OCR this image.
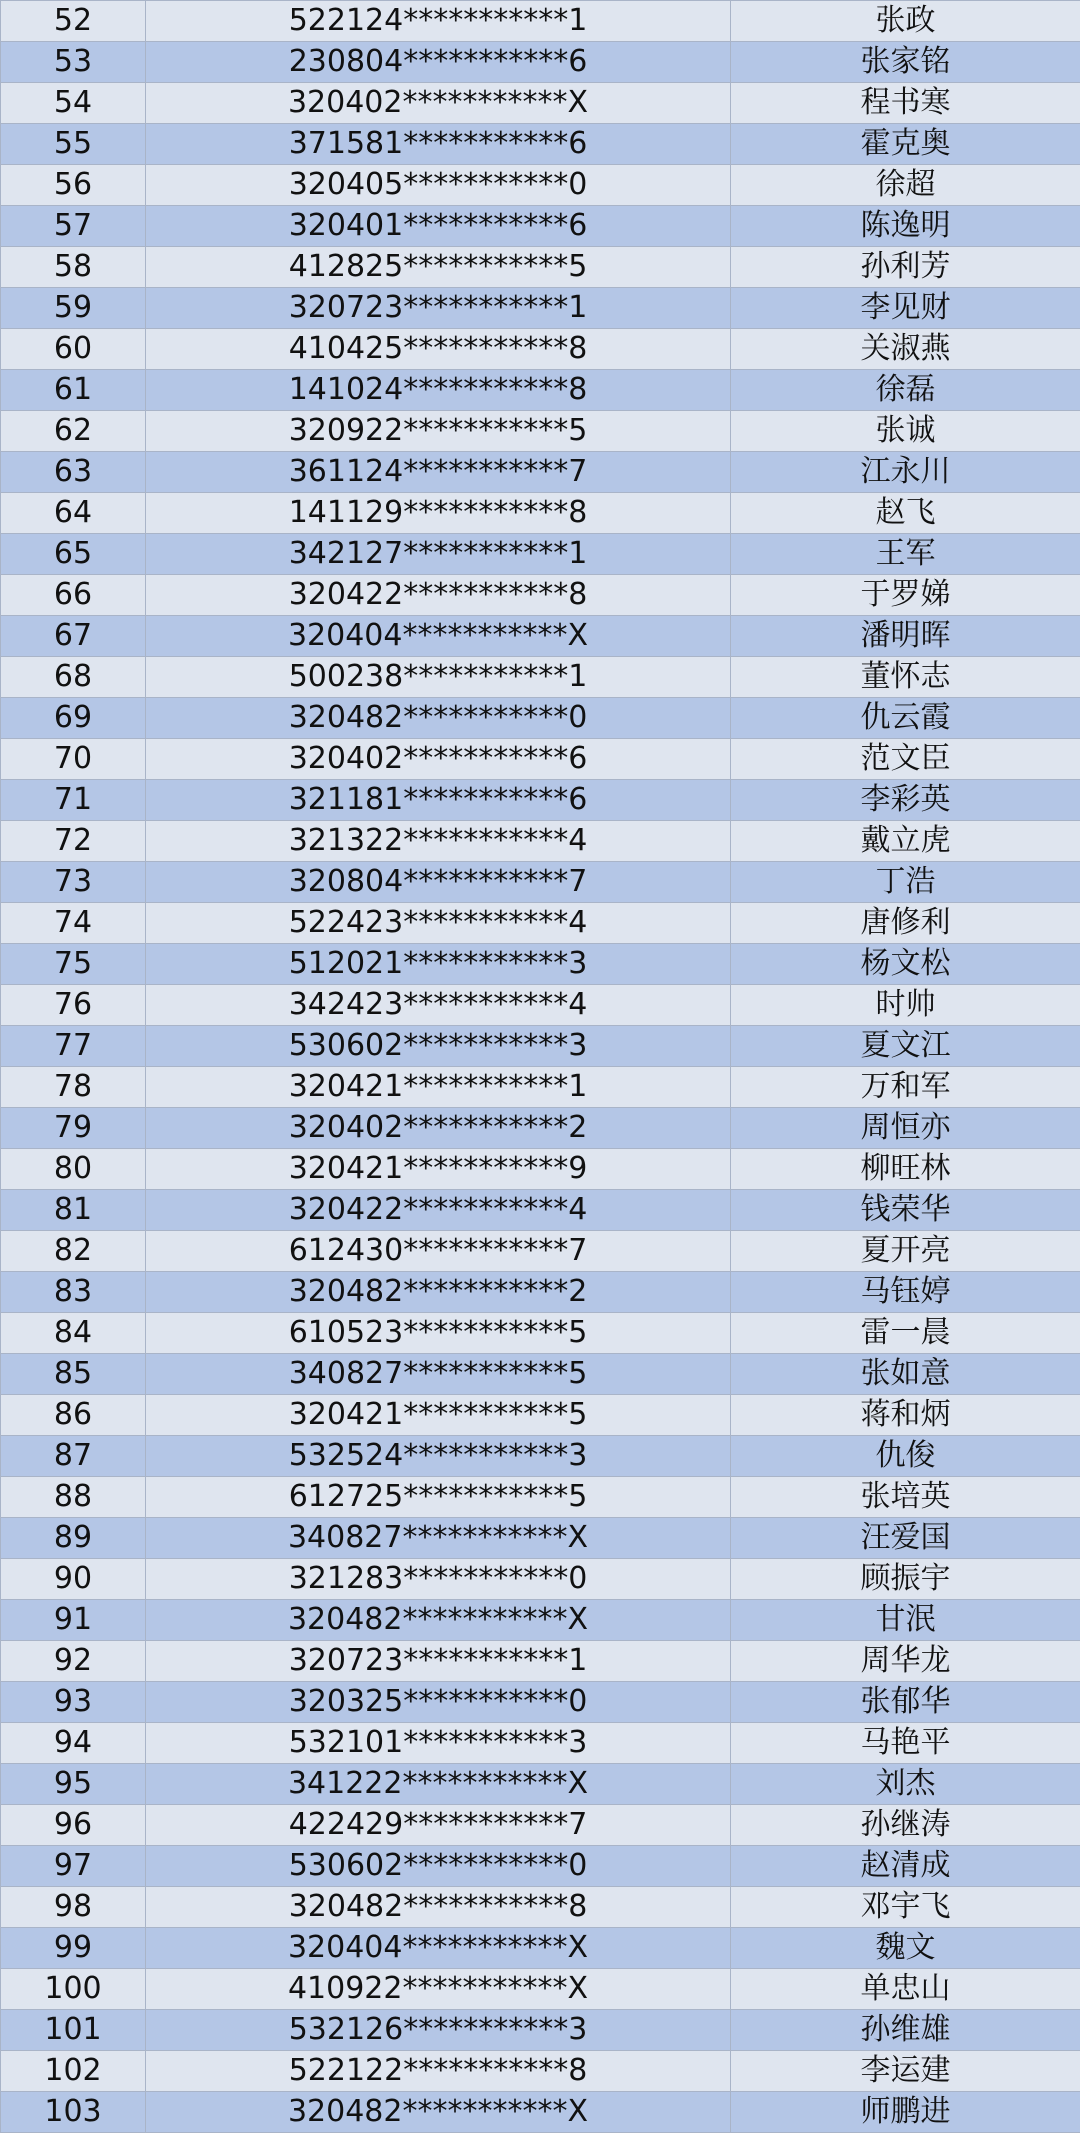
52	522124***********1	张政
53	230804***********6	张家铭
54	320402***********X	程书寒
55	371581***********6	霍克奥
56	320405***********0	徐超
57	320401***********6	陈逸明
58	412825***********5	孙利芳
59	320723***********1	李见财
60	410425***********8	关淑燕
61	141024***********8	徐磊
62	320922***********5	张诚
63	361124***********7	江永川
64	141129***********8	赵飞
65	342127***********1	王军
66	320422***********8	于罗娣
67	320404***********X	潘明晖
68	500238***********1	董怀志
69	320482***********0	仇云霞
70	320402***********6	范文臣
71	321181***********6	李彩英
72	321322***********4	戴立虎
73	320804***********7	丁浩
74	522423***********4	唐修利
75	512021***********3	杨文松
76	342423***********4	时帅
77	530602***********3	夏文江
78	320421***********1	万和军
79	320402***********2	周恒亦
80	320421***********9	柳旺林
81	320422***********4	钱荣华
82	612430***********7	夏开亮
83	320482***********2	马钰婷
84	610523***********5	雷一晨
85	340827***********5	张如意
86	320421***********5	蒋和炳
87	532524***********3	仇俊
88	612725***********5	张培英
89	340827***********X	汪爱国
90	321283***********0	顾振宇
91	320482***********X	甘泯
92	320723***********1	周华龙
93	320325***********0	张郁华
94	532101***********3	马艳平
95	341222***********X	刘杰
96	422429***********7	孙继涛
97	530602***********0	赵清成
98	320482***********8	邓宇飞
99	320404***********X	魏文
100	410922***********X	单忠山
101	532126***********3	孙维雄
102	522122***********8	李运建
103	320482***********X	师鹏进
